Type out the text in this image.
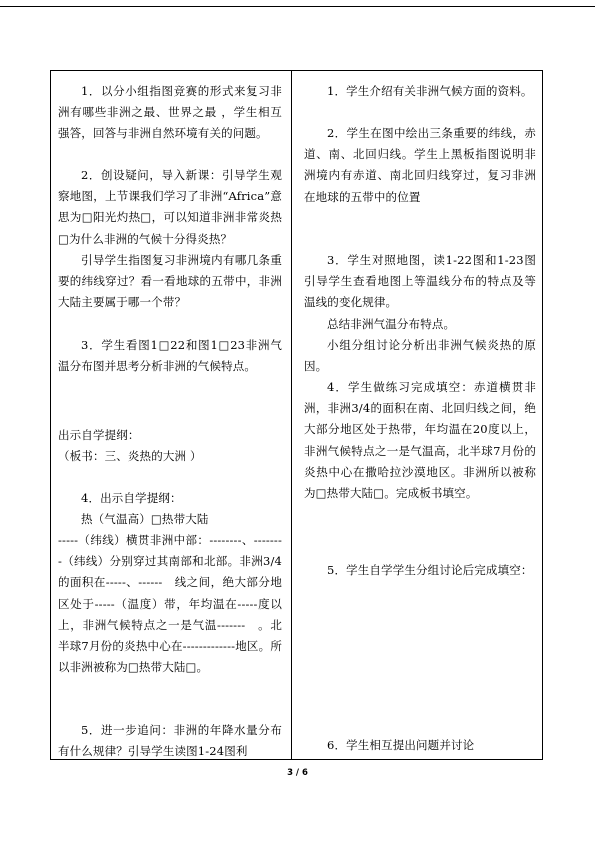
1．以分小组指图竞赛的形式来复习非洲有哪些非洲之最、世界之最 ，学生相互强答，回答与非洲自然环境有关的问题。

2．创设疑问，导入新课：引导学生观察地图，上节课我们学习了非洲“Africa”意思为□阳光灼热□，可以知道非洲非常炎热□为什么非洲的气候十分得炎热？

引导学生指图复习非洲境内有哪几条重要的纬线穿过？看一看地球的五带中，非洲大陆主要属于哪一个带？

3．学生看图1□22和图1□23非洲气温分布图并思考分析非洲的气候特点。

出示自学提纲：

（板书：三、炎热的大洲 ）

4．出示自学提纲：

热（气温高）□热带大陆

-----（纬线）横贯非洲中部：--------、--------（纬线）分别穿过其南部和北部。非洲3/4的面积在-----、------　线之间，绝大部分地区处于-----（温度）带，年均温在-----度以上，非洲气候特点之一是气温-------　。北半球7月份的炎热中心在-------------地区。所以非洲被称为□热带大陆□。

5．进一步追问：非洲的年降水量分布有什么规律？引导学生读图1-24图利

1．学生介绍有关非洲气候方面的资料。

2．学生在图中绘出三条重要的纬线，赤道、南、北回归线。学生上黑板指图说明非洲境内有赤道、南北回归线穿过，复习非洲在地球的五带中的位置

3．学生对照地图，读1-22图和1-23图引导学生查看地图上等温线分布的特点及等温线的变化规律。

总结非洲气温分布特点。

小组分组讨论分析出非洲气候炎热的原因。

4．学生做练习完成填空：赤道横贯非洲，非洲3/4的面积在南、北回归线之间，绝大部分地区处于热带，年均温在20度以上，非洲气候特点之一是气温高，北半球7月份的炎热中心在撒哈拉沙漠地区。非洲所以被称为□热带大陆□。完成板书填空。

5．学生自学学生分组讨论后完成填空：

6．学生相互提出问题并讨论

3 / 6
